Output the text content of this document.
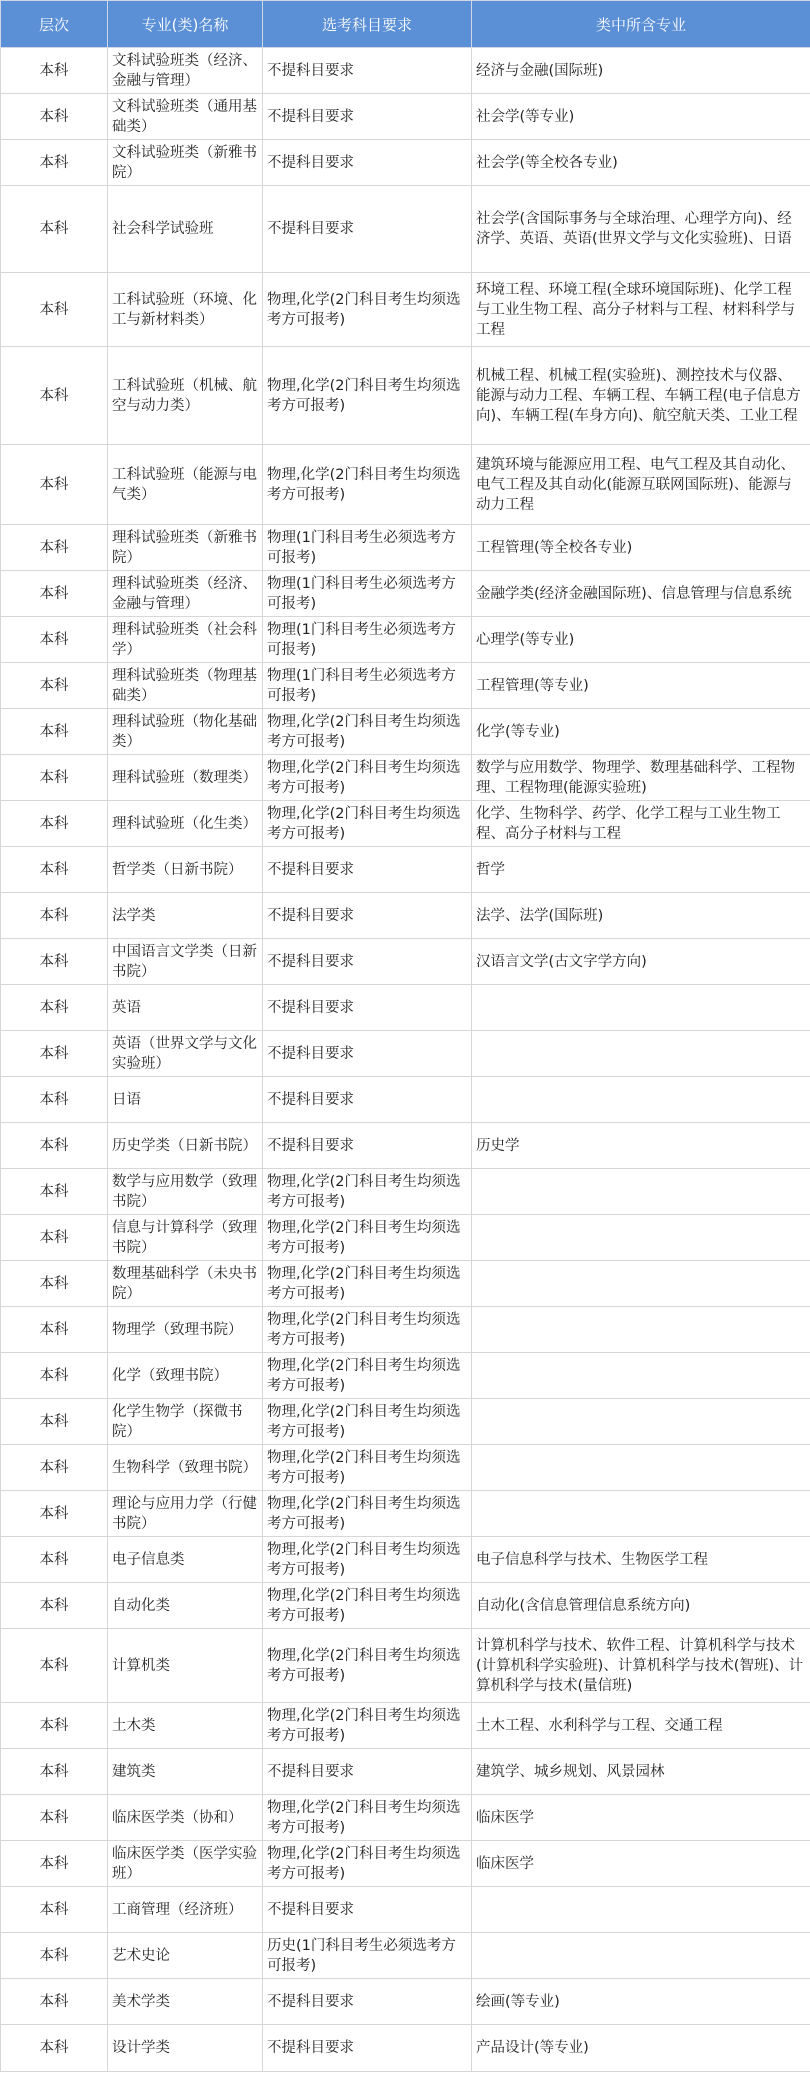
层次	专业(类)名称	选考科目要求	类中所含专业
本科	文科试验班类（经济、金融与管理）	不提科目要求	经济与金融(国际班)
本科	文科试验班类（通用基础类）	不提科目要求	社会学(等专业)
本科	文科试验班类（新雅书院）	不提科目要求	社会学(等全校各专业)
本科	社会科学试验班	不提科目要求	社会学(含国际事务与全球治理、心理学方向)、经济学、英语、英语(世界文学与文化实验班)、日语
本科	工科试验班（环境、化工与新材料类）	物理,化学(2门科目考生均须选考方可报考)	环境工程、环境工程(全球环境国际班)、化学工程与工业生物工程、高分子材料与工程、材料科学与工程
本科	工科试验班（机械、航空与动力类）	物理,化学(2门科目考生均须选考方可报考)	机械工程、机械工程(实验班)、测控技术与仪器、能源与动力工程、车辆工程、车辆工程(电子信息方向)、车辆工程(车身方向)、航空航天类、工业工程
本科	工科试验班（能源与电气类）	物理,化学(2门科目考生均须选考方可报考)	建筑环境与能源应用工程、电气工程及其自动化、电气工程及其自动化(能源互联网国际班)、能源与动力工程
本科	理科试验班类（新雅书院）	物理(1门科目考生必须选考方可报考)	工程管理(等全校各专业)
本科	理科试验班类（经济、金融与管理）	物理(1门科目考生必须选考方可报考)	金融学类(经济金融国际班)、信息管理与信息系统
本科	理科试验班类（社会科学）	物理(1门科目考生必须选考方可报考)	心理学(等专业)
本科	理科试验班类（物理基础类）	物理(1门科目考生必须选考方可报考)	工程管理(等专业)
本科	理科试验班（物化基础类）	物理,化学(2门科目考生均须选考方可报考)	化学(等专业)
本科	理科试验班（数理类）	物理,化学(2门科目考生均须选考方可报考)	数学与应用数学、物理学、数理基础科学、工程物理、工程物理(能源实验班)
本科	理科试验班（化生类）	物理,化学(2门科目考生均须选考方可报考)	化学、生物科学、药学、化学工程与工业生物工程、高分子材料与工程
本科	哲学类（日新书院）	不提科目要求	哲学
本科	法学类	不提科目要求	法学、法学(国际班)
本科	中国语言文学类（日新书院）	不提科目要求	汉语言文学(古文字学方向)
本科	英语	不提科目要求	
本科	英语（世界文学与文化实验班）	不提科目要求	
本科	日语	不提科目要求	
本科	历史学类（日新书院）	不提科目要求	历史学
本科	数学与应用数学（致理书院）	物理,化学(2门科目考生均须选考方可报考)	
本科	信息与计算科学（致理书院）	物理,化学(2门科目考生均须选考方可报考)	
本科	数理基础科学（未央书院）	物理,化学(2门科目考生均须选考方可报考)	
本科	物理学（致理书院）	物理,化学(2门科目考生均须选考方可报考)	
本科	化学（致理书院）	物理,化学(2门科目考生均须选考方可报考)	
本科	化学生物学（探微书院）	物理,化学(2门科目考生均须选考方可报考)	
本科	生物科学（致理书院）	物理,化学(2门科目考生均须选考方可报考)	
本科	理论与应用力学（行健书院）	物理,化学(2门科目考生均须选考方可报考)	
本科	电子信息类	物理,化学(2门科目考生均须选考方可报考)	电子信息科学与技术、生物医学工程
本科	自动化类	物理,化学(2门科目考生均须选考方可报考)	自动化(含信息管理信息系统方向)
本科	计算机类	物理,化学(2门科目考生均须选考方可报考)	计算机科学与技术、软件工程、计算机科学与技术(计算机科学实验班)、计算机科学与技术(智班)、计算机科学与技术(量信班)
本科	土木类	物理,化学(2门科目考生均须选考方可报考)	土木工程、水利科学与工程、交通工程
本科	建筑类	不提科目要求	建筑学、城乡规划、风景园林
本科	临床医学类（协和）	物理,化学(2门科目考生均须选考方可报考)	临床医学
本科	临床医学类（医学实验班）	物理,化学(2门科目考生均须选考方可报考)	临床医学
本科	工商管理（经济班）	不提科目要求	
本科	艺术史论	历史(1门科目考生必须选考方可报考)	
本科	美术学类	不提科目要求	绘画(等专业)
本科	设计学类	不提科目要求	产品设计(等专业)
